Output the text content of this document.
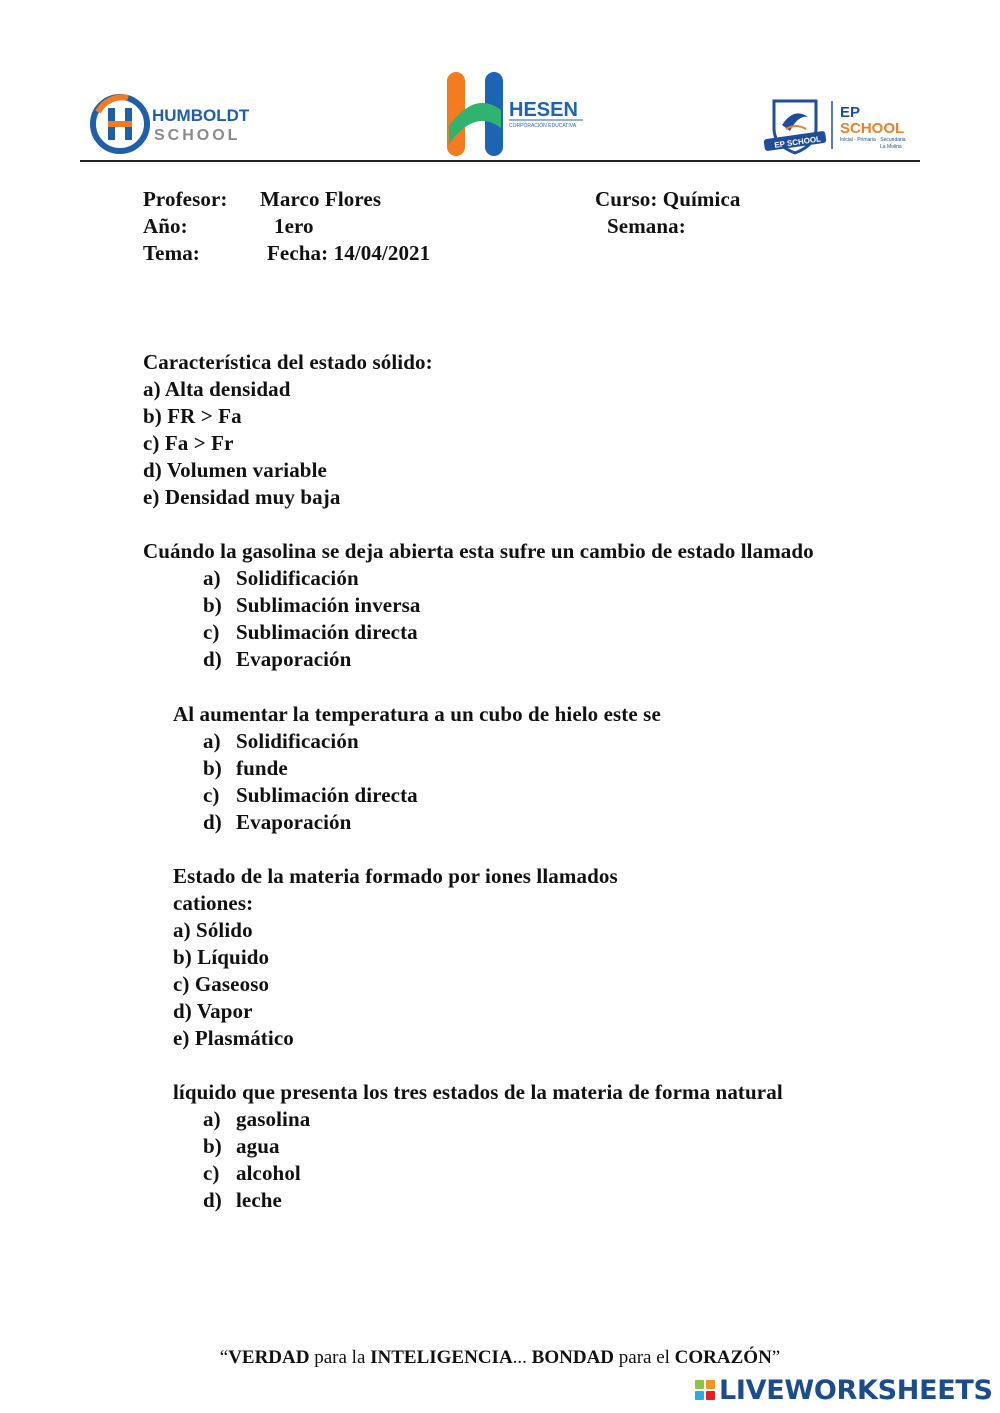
HUMBOLDT
SCHOOL
HESEN
CORPORACIÓN EDUCATIVA
EP SCHOOL
EP
SCHOOL
Inicial · Primaria · Secundaria
La Molina
Profesor: Marco Flores	Curso: Química
Año:	1ero	Semana:
Tema:	Fecha: 14/04/2021
Característica del estado sólido:
a) Alta densidad
b) FR > Fa
c) Fa > Fr
d) Volumen variable
e) Densidad muy baja
Cuándo la gasolina se deja abierta esta sufre un cambio de estado llamado
a) Solidificación
b) Sublimación inversa
c) Sublimación directa
d) Evaporación
Al aumentar la temperatura a un cubo de hielo este se
a) Solidificación
b) funde
c) Sublimación directa
d) Evaporación
Estado de la materia formado por iones llamados
cationes:
a) Sólido
b) Líquido
c) Gaseoso
d) Vapor
e) Plasmático
líquido que presenta los tres estados de la materia de forma natural
a) gasolina
b) agua
c) alcohol
d) leche
“VERDAD para la INTELIGENCIA... BONDAD para el CORAZÓN”
LIVEWORKSHEETS
